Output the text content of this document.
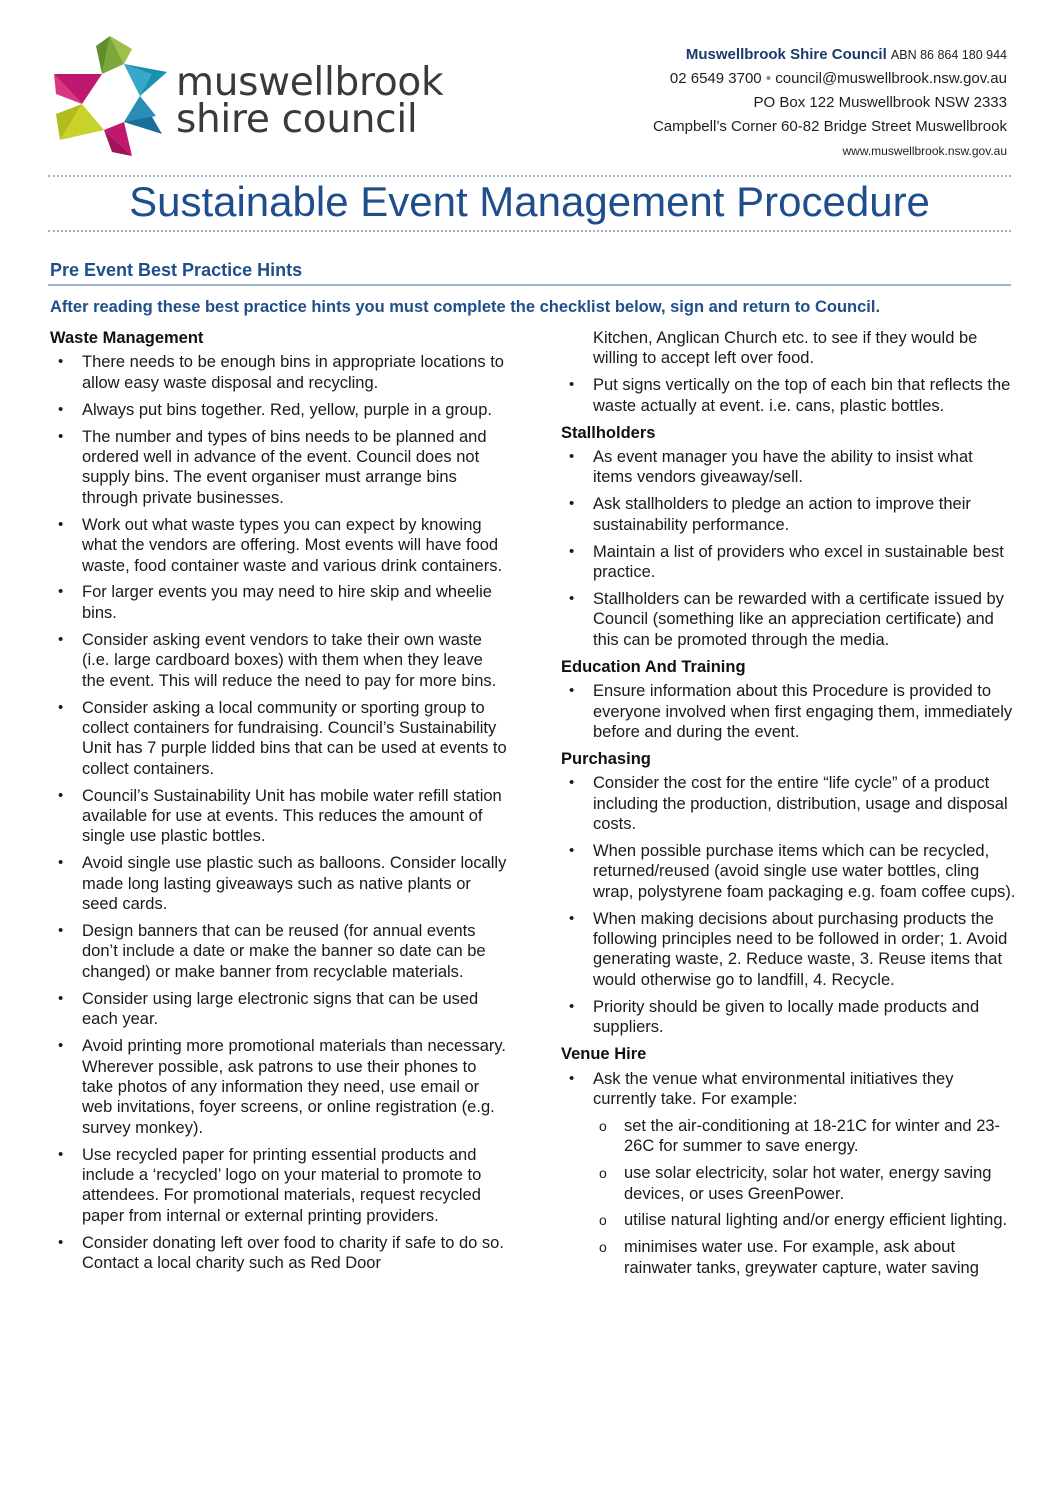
muswellbrook
shire council
Muswellbrook Shire Council ABN 86 864 180 944
02 6549 3700 • council@muswellbrook.nsw.gov.au
PO Box 122 Muswellbrook NSW 2333
Campbell’s Corner 60-82 Bridge Street Muswellbrook
www.muswellbrook.nsw.gov.au
Sustainable Event Management Procedure
Pre Event Best Practice Hints
After reading these best practice hints you must complete the checklist below, sign and return to Council.
Waste Management
• There needs to be enough bins in appropriate locations to allow easy waste disposal and recycling.
• Always put bins together. Red, yellow, purple in a group.
• The number and types of bins needs to be planned and ordered well in advance of the event. Council does not supply bins. The event organiser must arrange bins through private businesses.
• Work out what waste types you can expect by knowing what the vendors are offering. Most events will have food waste, food container waste and various drink containers.
• For larger events you may need to hire skip and wheelie bins.
• Consider asking event vendors to take their own waste (i.e. large cardboard boxes) with them when they leave the event. This will reduce the need to pay for more bins.
• Consider asking a local community or sporting group to collect containers for fundraising. Council’s Sustainability Unit has 7 purple lidded bins that can be used at events to collect containers.
• Council’s Sustainability Unit has mobile water refill station available for use at events. This reduces the amount of single use plastic bottles.
• Avoid single use plastic such as balloons. Consider locally made long lasting giveaways such as native plants or seed cards.
• Design banners that can be reused (for annual events don’t include a date or make the banner so date can be changed) or make banner from recyclable materials.
• Consider using large electronic signs that can be used each year.
• Avoid printing more promotional materials than necessary. Wherever possible, ask patrons to use their phones to take photos of any information they need, use email or web invitations, foyer screens, or online registration (e.g. survey monkey).
• Use recycled paper for printing essential products and include a ‘recycled’ logo on your material to promote to attendees. For promotional materials, request recycled paper from internal or external printing providers.
• Consider donating left over food to charity if safe to do so. Contact a local charity such as Red Door
Kitchen, Anglican Church etc. to see if they would be willing to accept left over food.
• Put signs vertically on the top of each bin that reflects the waste actually at event. i.e. cans, plastic bottles.
Stallholders
• As event manager you have the ability to insist what items vendors giveaway/sell.
• Ask stallholders to pledge an action to improve their sustainability performance.
• Maintain a list of providers who excel in sustainable best practice.
• Stallholders can be rewarded with a certificate issued by Council (something like an appreciation certificate) and this can be promoted through the media.
Education And Training
• Ensure information about this Procedure is provided to everyone involved when first engaging them, immediately before and during the event.
Purchasing
• Consider the cost for the entire “life cycle” of a product including the production, distribution, usage and disposal costs.
• When possible purchase items which can be recycled, returned/reused (avoid single use water bottles, cling wrap, polystyrene foam packaging e.g. foam coffee cups).
• When making decisions about purchasing products the following principles need to be followed in order; 1. Avoid generating waste, 2. Reduce waste, 3. Reuse items that would otherwise go to landfill, 4. Recycle.
• Priority should be given to locally made products and suppliers.
Venue Hire
• Ask the venue what environmental initiatives they currently take. For example:
o set the air-conditioning at 18-21C for winter and 23-26C for summer to save energy.
o use solar electricity, solar hot water, energy saving devices, or uses GreenPower.
o utilise natural lighting and/or energy efficient lighting.
o minimises water use. For example, ask about rainwater tanks, greywater capture, water saving
